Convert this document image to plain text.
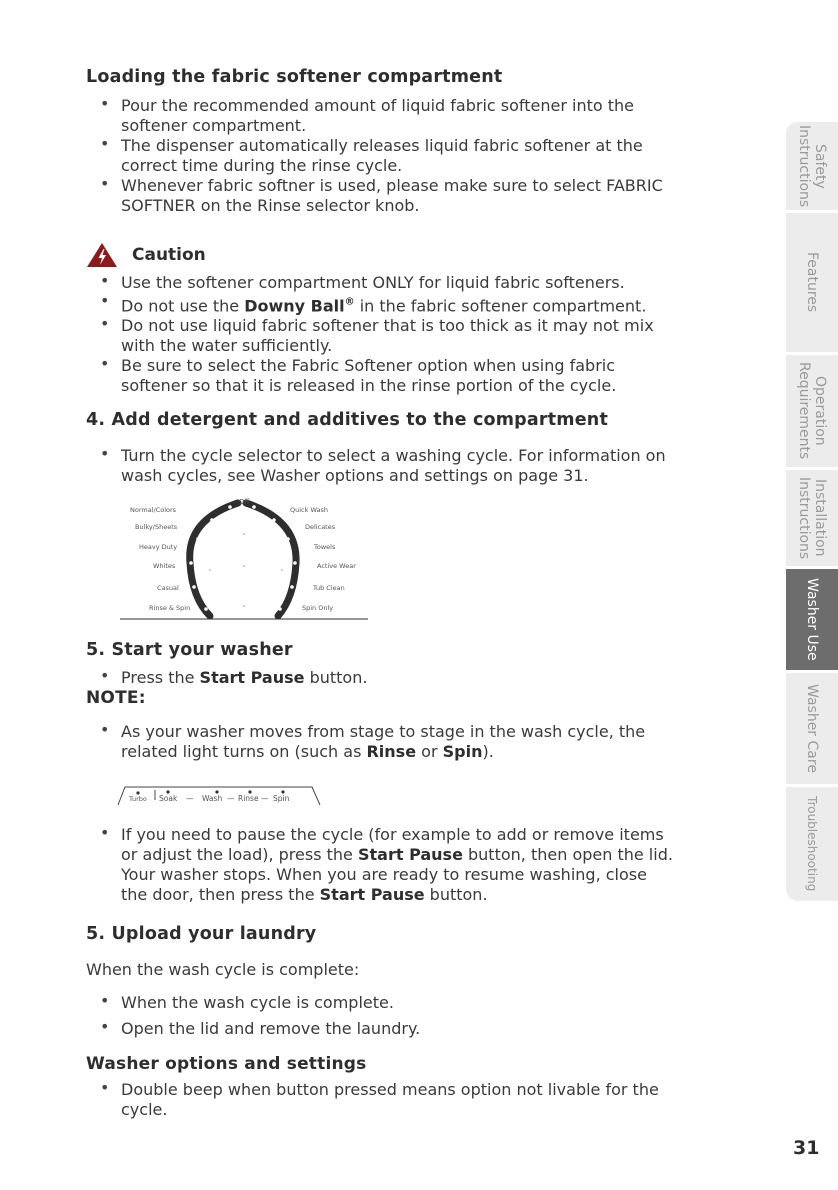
Loading the fabric softener compartment
• Pour the recommended amount of liquid fabric softener into the
softener compartment.
• The dispenser automatically releases liquid fabric softener at the
correct time during the rinse cycle.
• Whenever fabric softner is used, please make sure to select FABRIC
SOFTNER on the Rinse selector knob.
Caution
• Use the softener compartment ONLY for liquid fabric softeners.
• Do not use the Downy Ball® in the fabric softener compartment.
• Do not use liquid fabric softener that is too thick as it may not mix
with the water sufficiently.
• Be sure to select the Fabric Softener option when using fabric
softener so that it is released in the rinse portion of the cycle.
4. Add detergent and additives to the compartment
• Turn the cycle selector to select a washing cycle. For information on
wash cycles, see Washer options and settings on page 31.
Off
Normal/Colors
Bulky/Sheets
Heavy Duty
Whites
Casual
Rinse & Spin
Quick Wash
Delicates
Towels
Active Wear
Tub Clean
Spin Only
5. Start your washer
• Press the Start Pause button.

NOTE:

• As your washer moves from stage to stage in the wash cycle, the
related light turns on (such as Rinse or Spin).
• If you need to pause the cycle (for example to add or remove items
or adjust the load), press the Start Pause button, then open the lid.
Your washer stops. When you are ready to resume washing, close
the door, then press the Start Pause button.
5. Upload your laundry

When the wash cycle is complete:

• When the wash cycle is complete.
• Open the lid and remove the laundry.
Washer options and settings
• Double beep when button pressed means option not livable for the
cycle.
Turbo Soak — Wash — Rinse — Spin
Safety
Instructions
Features
Operation
Requirements
Installation
Instructions
Washer Use
Washer Care
Troubleshooting
31
